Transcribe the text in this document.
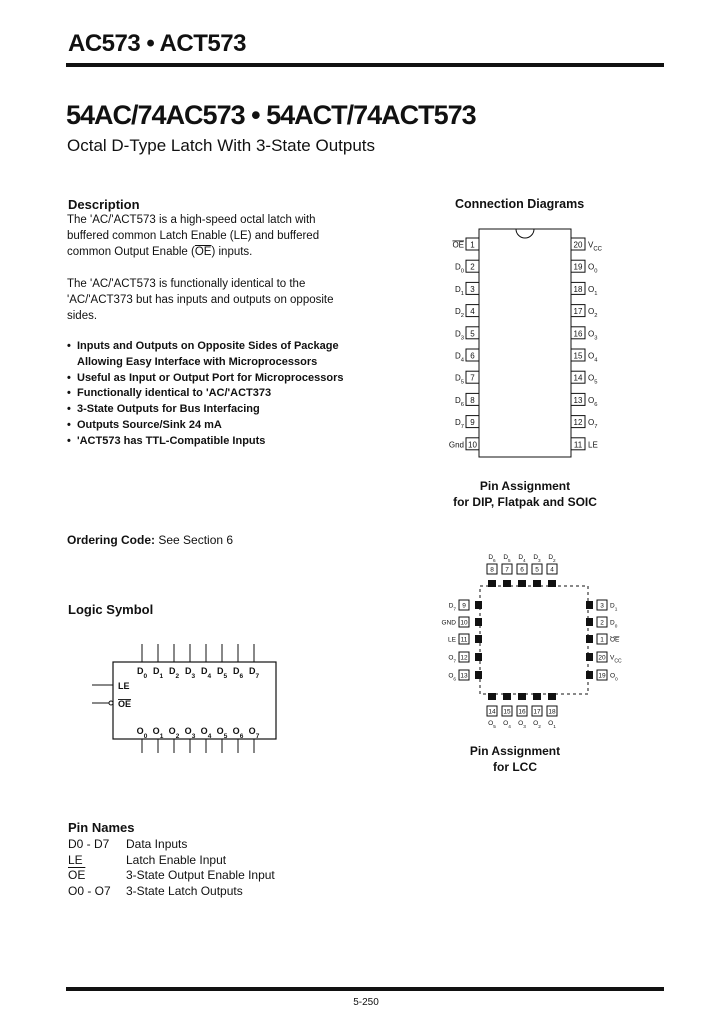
AC573 • ACT573
54AC/74AC573 • 54ACT/74ACT573
Octal D-Type Latch With 3-State Outputs
Description
The 'AC/'ACT573 is a high-speed octal latch with buffered common Latch Enable (LE) and buffered common Output Enable $(\overline{OE})$ inputs.
The 'AC/'ACT573 is functionally identical to the 'AC/'ACT373 but has inputs and outputs on opposite sides.
• Inputs and Outputs on Opposite Sides of Package Allowing Easy Interface with Microprocessors
• Useful as Input or Output Port for Microprocessors
• Functionally identical to 'AC/'ACT373
• 3-State Outputs for Bus Interfacing
• Outputs Source/Sink 24 mA
• 'ACT573 has TTL-Compatible Inputs
Ordering Code: See Section 6
Logic Symbol
LE
OE
$D_0$ $D_1$ $D_2$ $D_3$ $D_4$ $D_5$ $D_6$ $D_7$
$O_0$ $O_1$ $O_2$ $O_3$ $O_4$ $O_5$ $O_6$ $O_7$
Connection Diagrams
1
OE
2
$D_0$
3
$D_1$
4
$D_2$
5
$D_3$
6
$D_4$
7
$D_5$
8
$D_6$
9
$D_7$
10
Gnd
20 $V_{CC}$
19 $O_0$
18 $O_1$
17 $O_2$
16 $O_3$
15 $O_4$
14 $O_5$
13 $O_6$
12 $O_7$
11 LE
Pin Assignment
for DIP, Flatpak and SOIC
8
$D_6$
7
$D_5$
6
$D_4$
5
$D_3$
4
$D_2$
14
$O_5$
15
$O_4$
16
$O_3$
17
$O_2$
18
$O_1$
9
$D_7$
10
GND
11
LE
12
$O_7$
13
$O_6$
3 $D_1$
2 $D_0$
1 OE
20 $V_{CC}$
19 $O_0$
Pin Assignment
for LCC
Pin Names
D0 - D7 Data Inputs
LE	Latch Enable Input
$\overline{OE}$	3-State Output Enable Input
O0 - O7 3-State Latch Outputs
5-250
